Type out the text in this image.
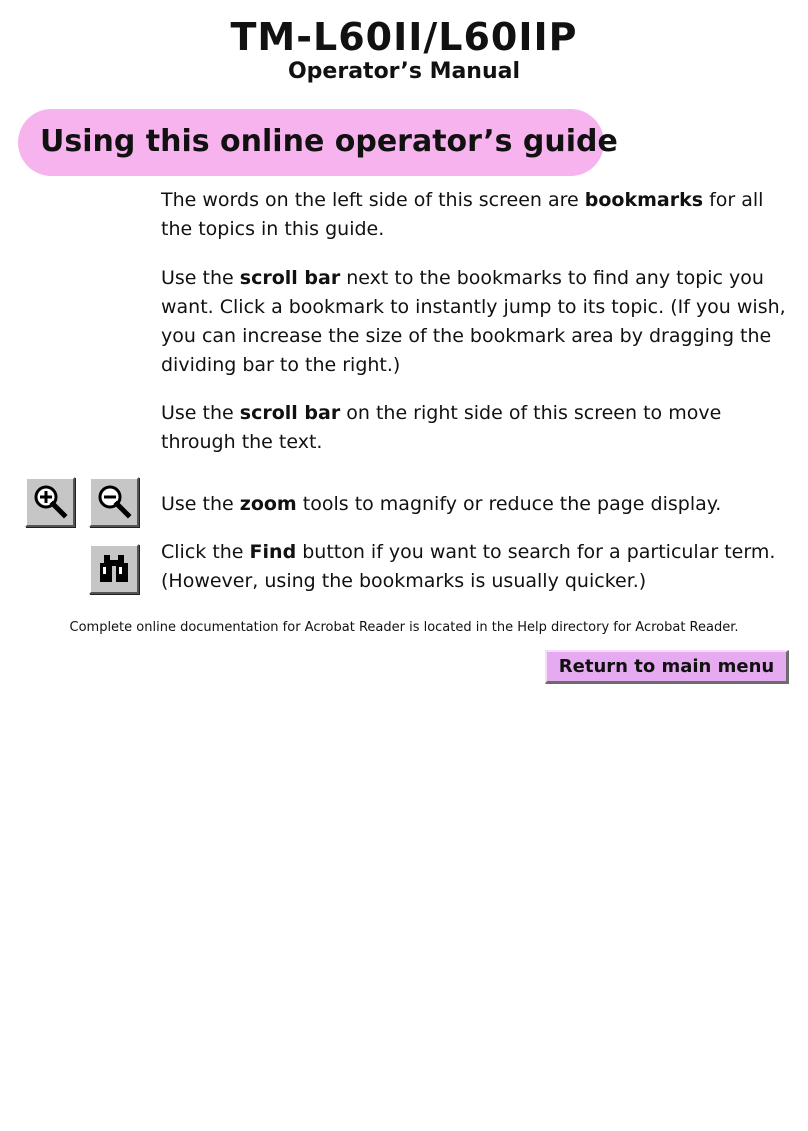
TM-L60II/L60IIP
Operator’s Manual
Using this online operator’s guide

The words on the left side of this screen are bookmarks for all the topics in this guide.

Use the scroll bar next to the bookmarks to find any topic you want. Click a bookmark to instantly jump to its topic. (If you wish, you can increase the size of the bookmark area by dragging the dividing bar to the right.)

Use the scroll bar on the right side of this screen to move through the text.

Use the zoom tools to magnify or reduce the page display.

Click the Find button if you want to search for a particular term. (However, using the bookmarks is usually quicker.)

Complete online documentation for Acrobat Reader is located in the Help directory for Acrobat Reader.
Return to main menu
